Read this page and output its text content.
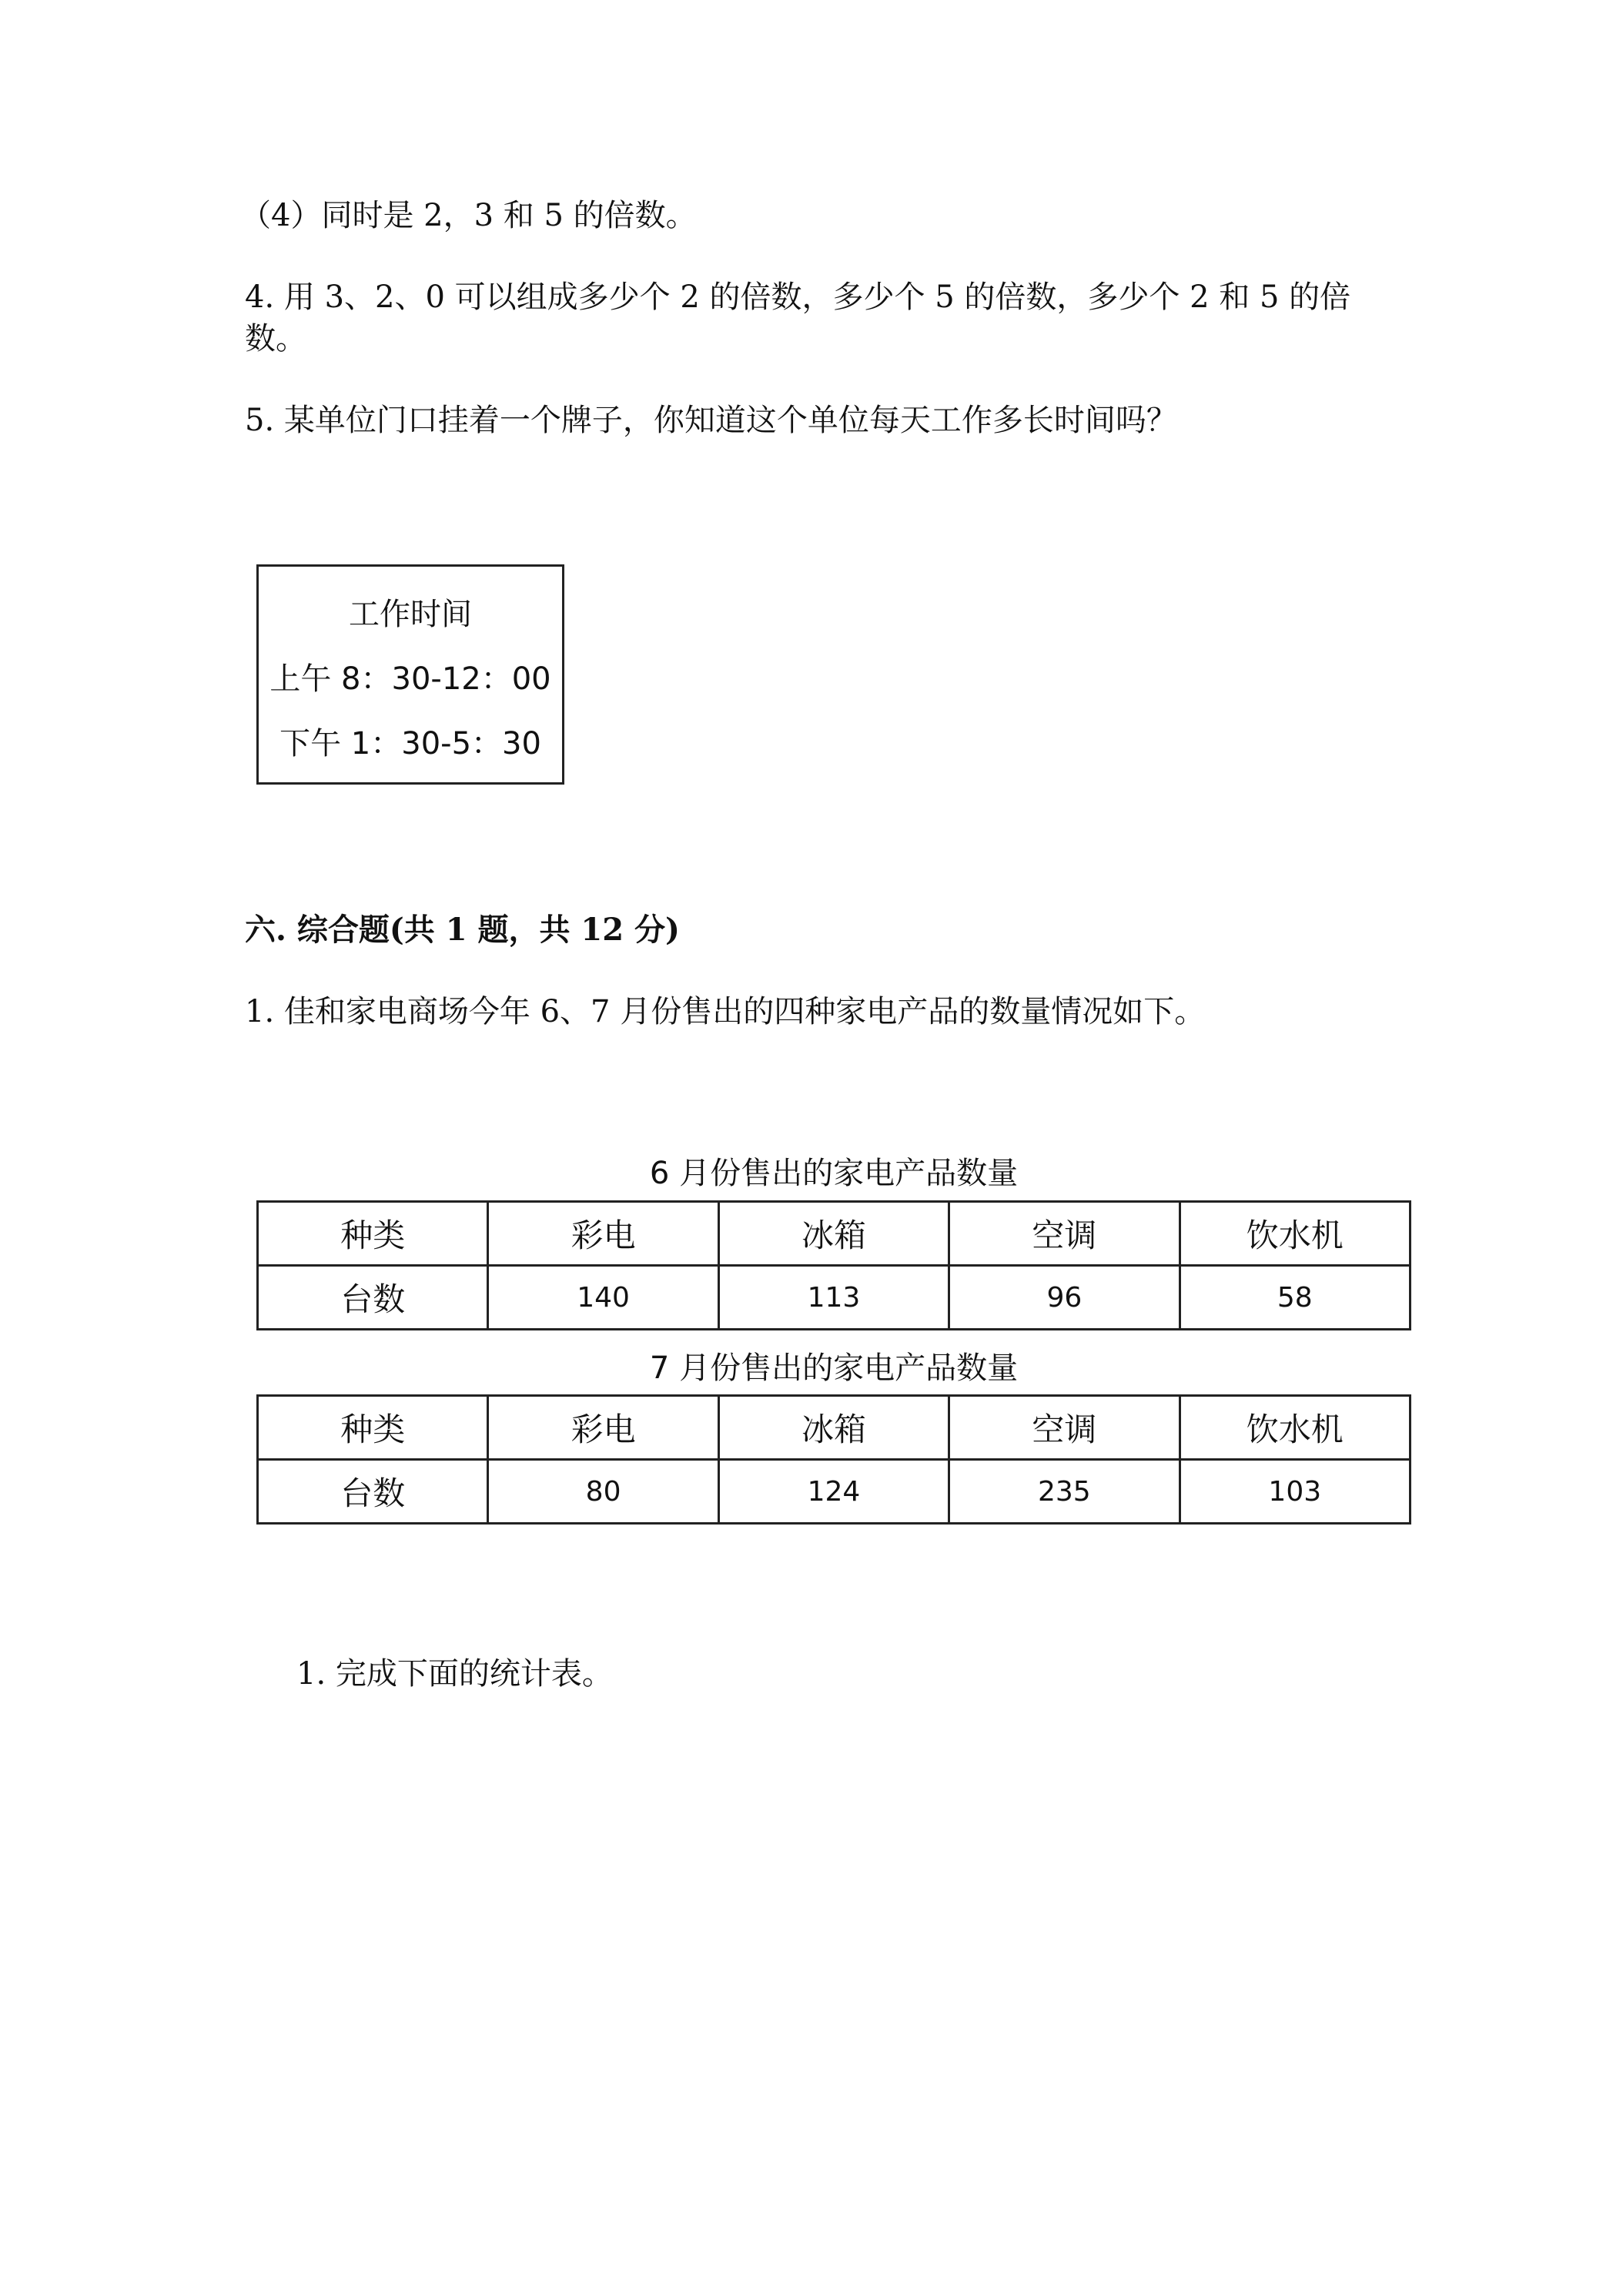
（4）同时是 2，3 和 5 的倍数。
4. 用 3、2、0 可以组成多少个 2 的倍数，多少个 5 的倍数，多少个 2 和 5 的倍
数。
5. 某单位门口挂着一个牌子，你知道这个单位每天工作多长时间吗？
工作时间
上午 8：30-12：00
下午 1：30-5：30
六. 综合题(共 1 题，共 12 分)
1. 佳和家电商场今年 6、7 月份售出的四种家电产品的数量情况如下。
6 月份售出的家电产品数量
种类	彩电	冰箱	空调	饮水机
台数	140	113	96	58
7 月份售出的家电产品数量
种类	彩电	冰箱	空调	饮水机
台数	80	124	235	103
1. 完成下面的统计表。
